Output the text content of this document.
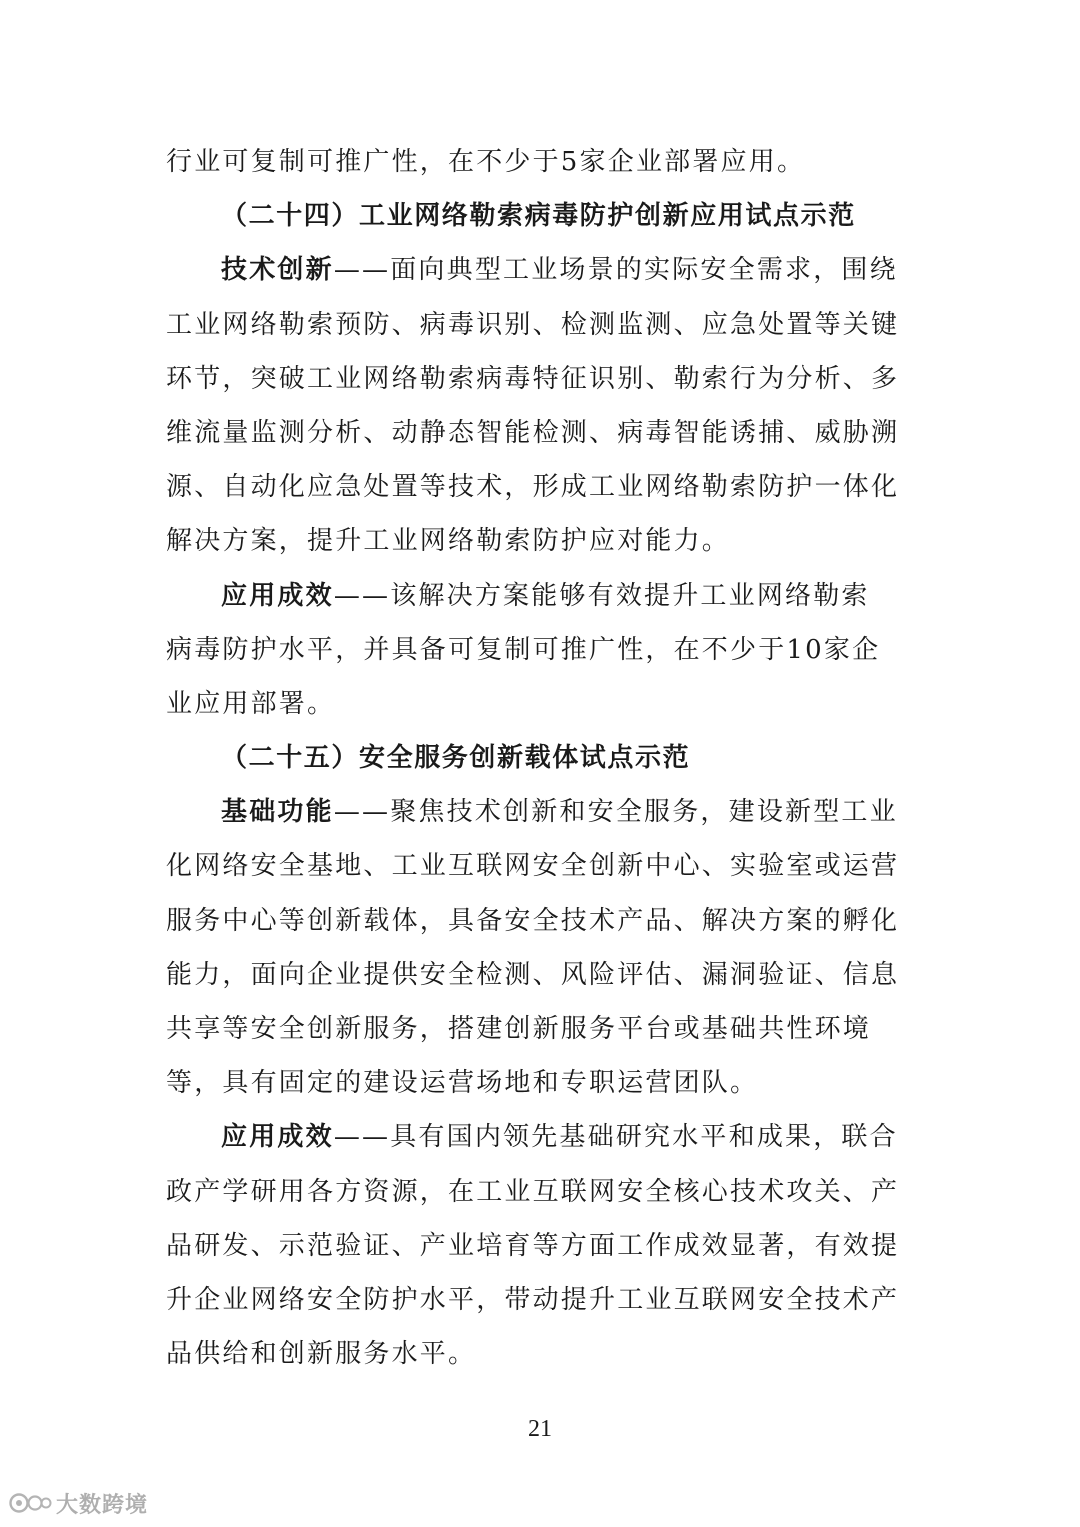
行业可复制可推广性，在不少于5家企业部署应用。
（二十四）工业网络勒索病毒防护创新应用试点示范
技术创新——面向典型工业场景的实际安全需求，围绕
工业网络勒索预防、病毒识别、检测监测、应急处置等关键
环节，突破工业网络勒索病毒特征识别、勒索行为分析、多
维流量监测分析、动静态智能检测、病毒智能诱捕、威胁溯
源、自动化应急处置等技术，形成工业网络勒索防护一体化
解决方案，提升工业网络勒索防护应对能力。
应用成效——该解决方案能够有效提升工业网络勒索
病毒防护水平，并具备可复制可推广性，在不少于10家企
业应用部署。
（二十五）安全服务创新载体试点示范
基础功能——聚焦技术创新和安全服务，建设新型工业
化网络安全基地、工业互联网安全创新中心、实验室或运营
服务中心等创新载体，具备安全技术产品、解决方案的孵化
能力，面向企业提供安全检测、风险评估、漏洞验证、信息
共享等安全创新服务，搭建创新服务平台或基础共性环境
等，具有固定的建设运营场地和专职运营团队。
应用成效——具有国内领先基础研究水平和成果，联合
政产学研用各方资源，在工业互联网安全核心技术攻关、产
品研发、示范验证、产业培育等方面工作成效显著，有效提
升企业网络安全防护水平，带动提升工业互联网安全技术产
品供给和创新服务水平。
21
大数跨境
